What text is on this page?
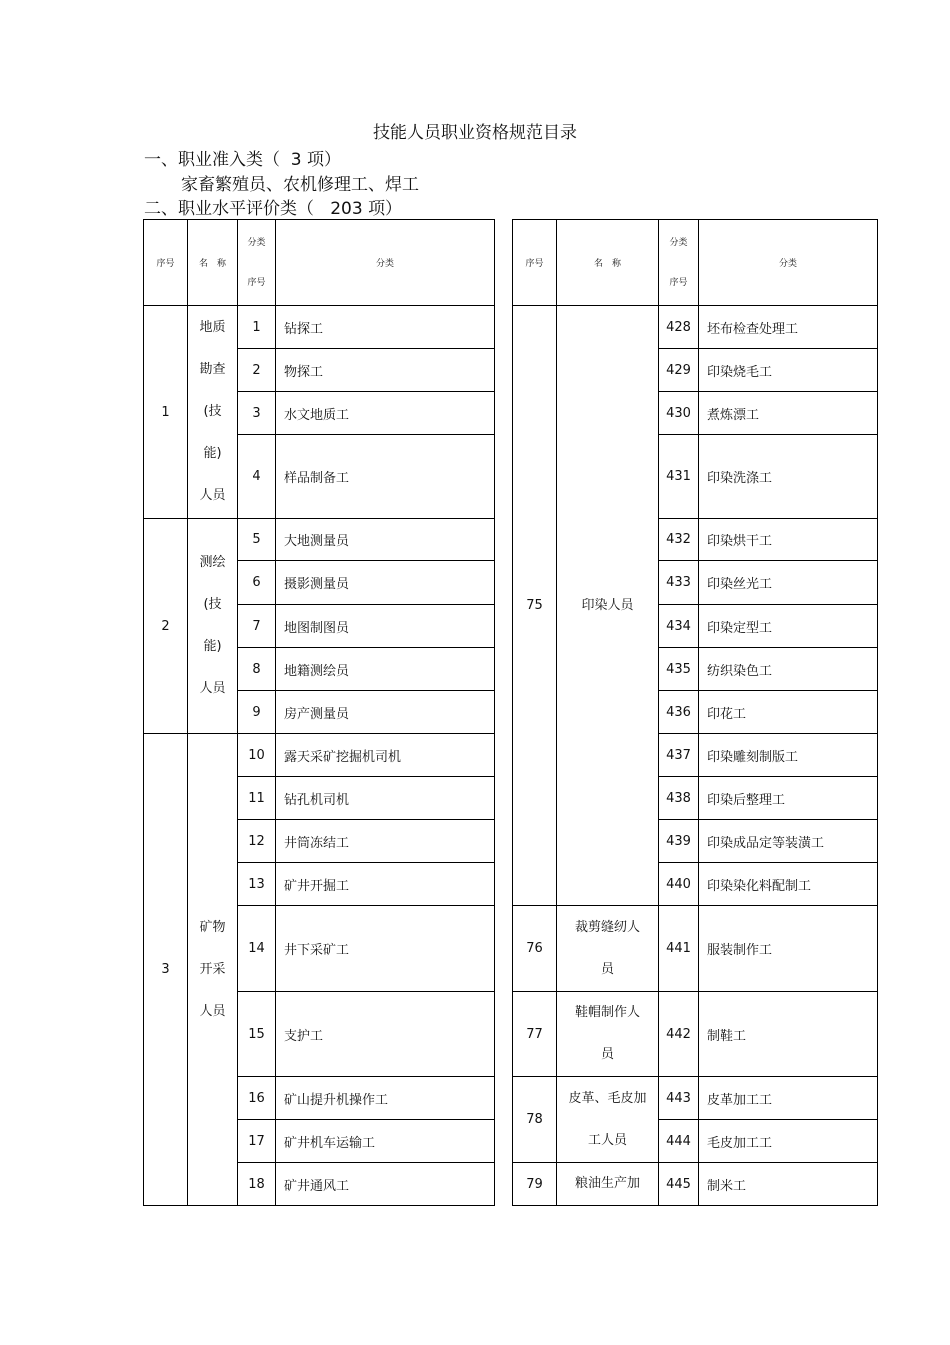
技能人员职业资格规范目录
一、职业准入类（  3 项）
家畜繁殖员、农机修理工、焊工
二、职业水平评价类（   203 项）
序号	名　称	分类
序号	分类
1	地质
勘查
(技
能)
人员	1	钻探工
		2	物探工
		3	水文地质工
		4	样品制备工
2	测绘
(技
能)
人员	5	大地测量员
		6	摄影测量员
		7	地图制图员
		8	地籍测绘员
		9	房产测量员
3	矿物
开采
人员	10	露天采矿挖掘机司机
		11	钻孔机司机
		12	井筒冻结工
		13	矿井开掘工
		14	井下采矿工
		15	支护工
		16	矿山提升机操作工
		17	矿井机车运输工
		18	矿井通风工
序号	名　称	分类
序号	分类
75	印染人员	428	坯布检查处理工
		429	印染烧毛工
		430	煮炼漂工
		431	印染洗涤工
		432	印染烘干工
		433	印染丝光工
		434	印染定型工
		435	纺织染色工
		436	印花工
		437	印染雕刻制版工
		438	印染后整理工
		439	印染成品定等装潢工
		440	印染染化料配制工
76	裁剪缝纫人
员	441	服装制作工
77	鞋帽制作人
员	442	制鞋工
78	皮革、毛皮加
工人员	443	皮革加工工
		444	毛皮加工工
79	粮油生产加	445	制米工
